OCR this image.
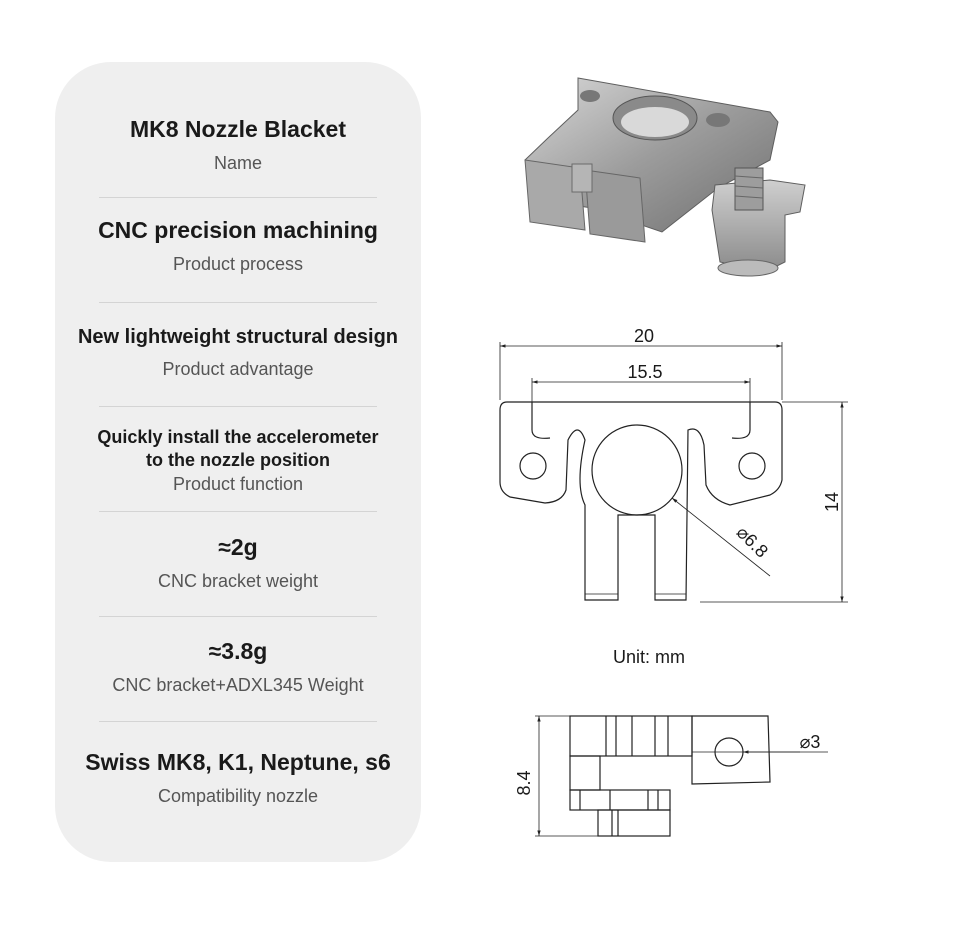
MK8 Nozzle Blacket
Name
CNC precision machining
Product process
New lightweight structural design
Product advantage
Quickly install the accelerometer
to the nozzle position
Product function
≈2g
CNC bracket weight
≈3.8g
CNC bracket+ADXL345 Weight
Swiss MK8, K1, Neptune, s6
Compatibility nozzle
20
15.5
14
⌀6.8
8.4
⌀3
Unit: mm
